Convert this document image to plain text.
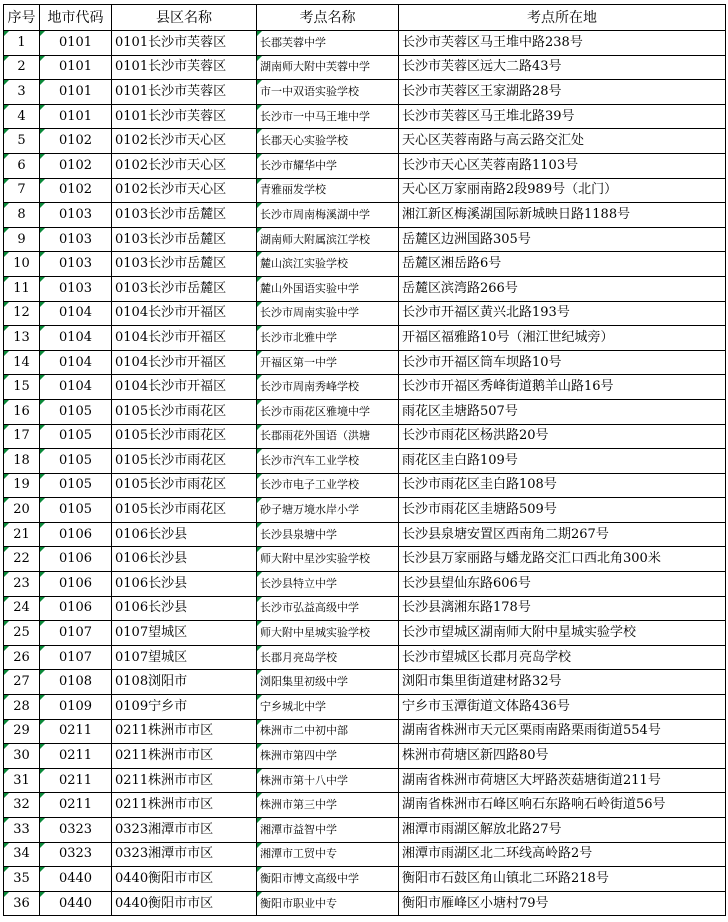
序号	地市代码	县区名称	考点名称	考点所在地
1	0101	0101长沙市芙蓉区	长郡芙蓉中学	长沙市芙蓉区马王堆中路238号
2	0101	0101长沙市芙蓉区	湖南师大附中芙蓉中学	长沙市芙蓉区远大二路43号
3	0101	0101长沙市芙蓉区	市一中双语实验学校	长沙市芙蓉区王家湖路28号
4	0101	0101长沙市芙蓉区	长沙市一中马王堆中学	长沙市芙蓉区马王堆北路39号
5	0102	0102长沙市天心区	长郡天心实验学校	天心区芙蓉南路与高云路交汇处
6	0102	0102长沙市天心区	长沙市耀华中学	长沙市天心区芙蓉南路1103号
7	0102	0102长沙市天心区	青雅丽发学校	天心区万家丽南路2段989号（北门）
8	0103	0103长沙市岳麓区	长沙市周南梅溪湖中学	湘江新区梅溪湖国际新城映日路1188号
9	0103	0103长沙市岳麓区	湖南师大附属滨江学校	岳麓区边洲国路305号
10	0103	0103长沙市岳麓区	麓山滨江实验学校	岳麓区湘岳路6号
11	0103	0103长沙市岳麓区	麓山外国语实验中学	岳麓区滨湾路266号
12	0104	0104长沙市开福区	长沙市周南实验中学	长沙市开福区黄兴北路193号
13	0104	0104长沙市开福区	长沙市北雅中学	开福区福雅路10号（湘江世纪城旁）
14	0104	0104长沙市开福区	开福区第一中学	长沙市开福区筒车坝路10号
15	0104	0104长沙市开福区	长沙市周南秀峰学校	长沙市开福区秀峰街道鹅羊山路16号
16	0105	0105长沙市雨花区	长沙市雨花区雅境中学	雨花区圭塘路507号
17	0105	0105长沙市雨花区	长郡雨花外国语（洪塘	长沙市雨花区杨洪路20号
18	0105	0105长沙市雨花区	长沙市汽车工业学校	雨花区圭白路109号
19	0105	0105长沙市雨花区	长沙市电子工业学校	长沙市雨花区圭白路108号
20	0105	0105长沙市雨花区	砂子塘万境水岸小学	长沙市雨花区圭塘路509号
21	0106	0106长沙县	长沙县泉塘中学	长沙县泉塘安置区西南角二期267号
22	0106	0106长沙县	师大附中星沙实验学校	长沙县万家丽路与蟠龙路交汇口西北角300米
23	0106	0106长沙县	长沙县特立中学	长沙县望仙东路606号
24	0106	0106长沙县	长沙市弘益高级中学	长沙县漓湘东路178号
25	0107	0107望城区	师大附中星城实验学校	长沙市望城区湖南师大附中星城实验学校
26	0107	0107望城区	长郡月亮岛学校	长沙市望城区长郡月亮岛学校
27	0108	0108浏阳市	浏阳集里初级中学	浏阳市集里街道建材路32号
28	0109	0109宁乡市	宁乡城北中学	宁乡市玉潭街道文体路436号
29	0211	0211株洲市市区	株洲市二中初中部	湖南省株洲市天元区栗雨南路栗雨街道554号
30	0211	0211株洲市市区	株洲市第四中学	株洲市荷塘区新四路80号
31	0211	0211株洲市市区	株洲市第十八中学	湖南省株洲市荷塘区大坪路茨菇塘街道211号
32	0211	0211株洲市市区	株洲市第三中学	湖南省株洲市石峰区响石东路响石岭街道56号
33	0323	0323湘潭市市区	湘潭市益智中学	湘潭市雨湖区解放北路27号
34	0323	0323湘潭市市区	湘潭市工贸中专	湘潭市雨湖区北二环线高岭路2号
35	0440	0440衡阳市市区	衡阳市博文高级中学	衡阳市石鼓区角山镇北二环路218号
36	0440	0440衡阳市市区	衡阳市职业中专	衡阳市雁峰区小塘村79号
